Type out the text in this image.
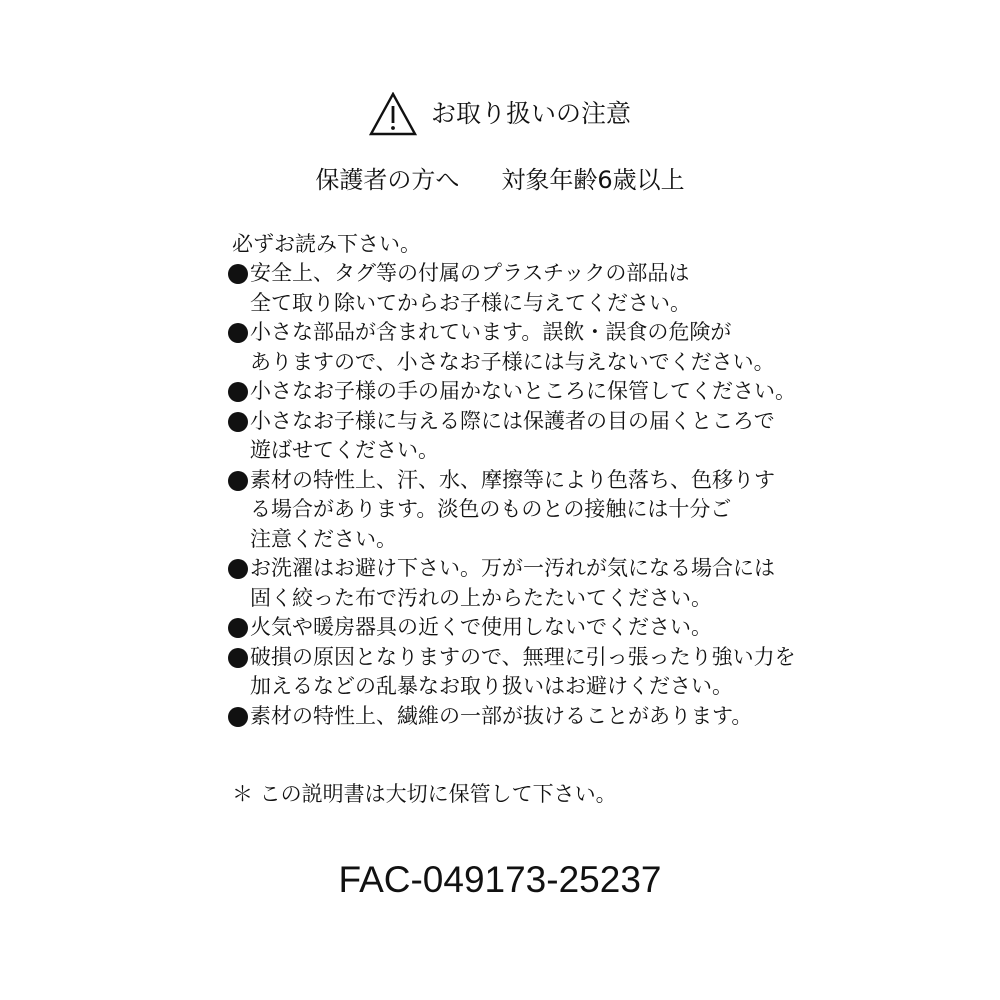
お取り扱いの注意
保護者の方へ 対象年齢6歳以上
必ずお読み下さい。
安全上、タグ等の付属のプラスチックの部品は
全て取り除いてからお子様に与えてください。
小さな部品が含まれています。誤飲・誤食の危険が
ありますので、小さなお子様には与えないでください。
小さなお子様の手の届かないところに保管してください。
小さなお子様に与える際には保護者の目の届くところで
遊ばせてください。
素材の特性上、汗、水、摩擦等により色落ち、色移りす
る場合があります。淡色のものとの接触には十分ご
注意ください。
お洗濯はお避け下さい。万が一汚れが気になる場合には
固く絞った布で汚れの上からたたいてください。
火気や暖房器具の近くで使用しないでください。
破損の原因となりますので、無理に引っ張ったり強い力を
加えるなどの乱暴なお取り扱いはお避けください。
素材の特性上、繊維の一部が抜けることがあります。
＊ この説明書は大切に保管して下さい。
FAC-049173-25237
